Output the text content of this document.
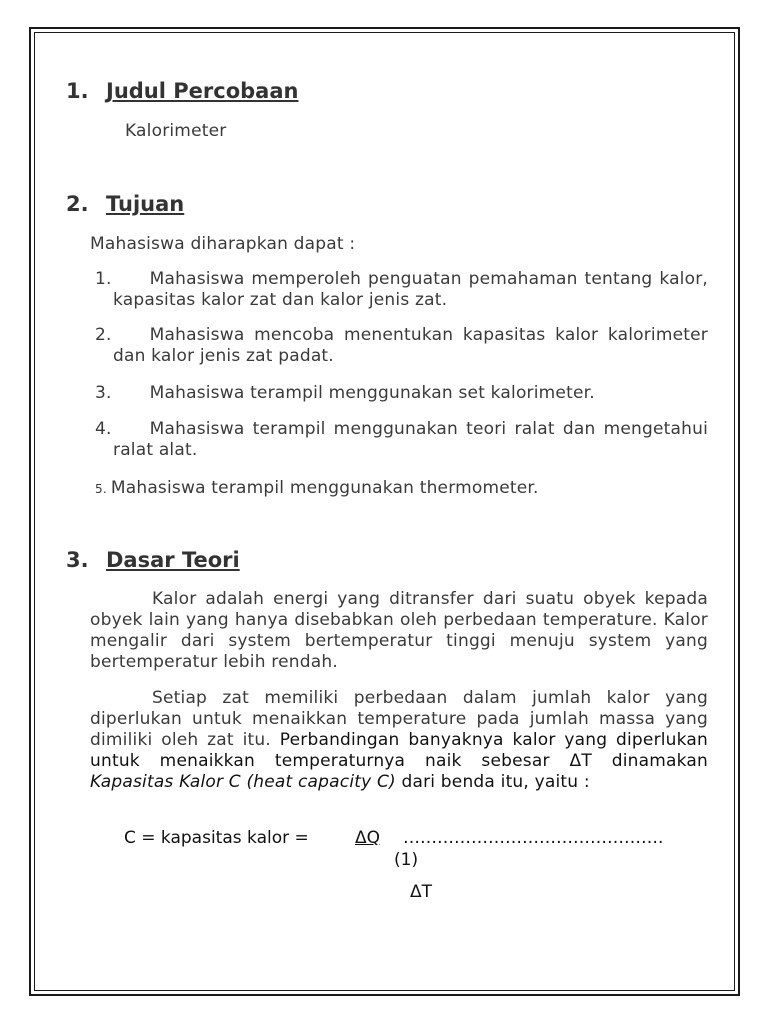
1. Judul Percobaan
Kalorimeter
2. Tujuan
Mahasiswa diharapkan dapat :
1. Mahasiswa memperoleh penguatan pemahaman tentang kalor, kapasitas kalor zat dan kalor jenis zat.
2. Mahasiswa mencoba menentukan kapasitas kalor kalorimeter dan kalor jenis zat padat.
3. Mahasiswa terampil menggunakan set kalorimeter.
4. Mahasiswa terampil menggunakan teori ralat dan mengetahui ralat alat.
5. Mahasiswa terampil menggunakan thermometer.
3. Dasar Teori
Kalor adalah energi yang ditransfer dari suatu obyek kepada obyek lain yang hanya disebabkan oleh perbedaan temperature. Kalor mengalir dari system bertemperatur tinggi menuju system yang bertemperatur lebih rendah.
Setiap zat memiliki perbedaan dalam jumlah kalor yang diperlukan untuk menaikkan temperature pada jumlah massa yang dimiliki oleh zat itu. Perbandingan banyaknya kalor yang diperlukan untuk menaikkan temperaturnya naik sebesar ΔT dinamakan Kapasitas Kalor C (heat capacity C) dari benda itu, yaitu :
C = kapasitas kalor =	ΔQ ……………………………………….
(1)
ΔT
